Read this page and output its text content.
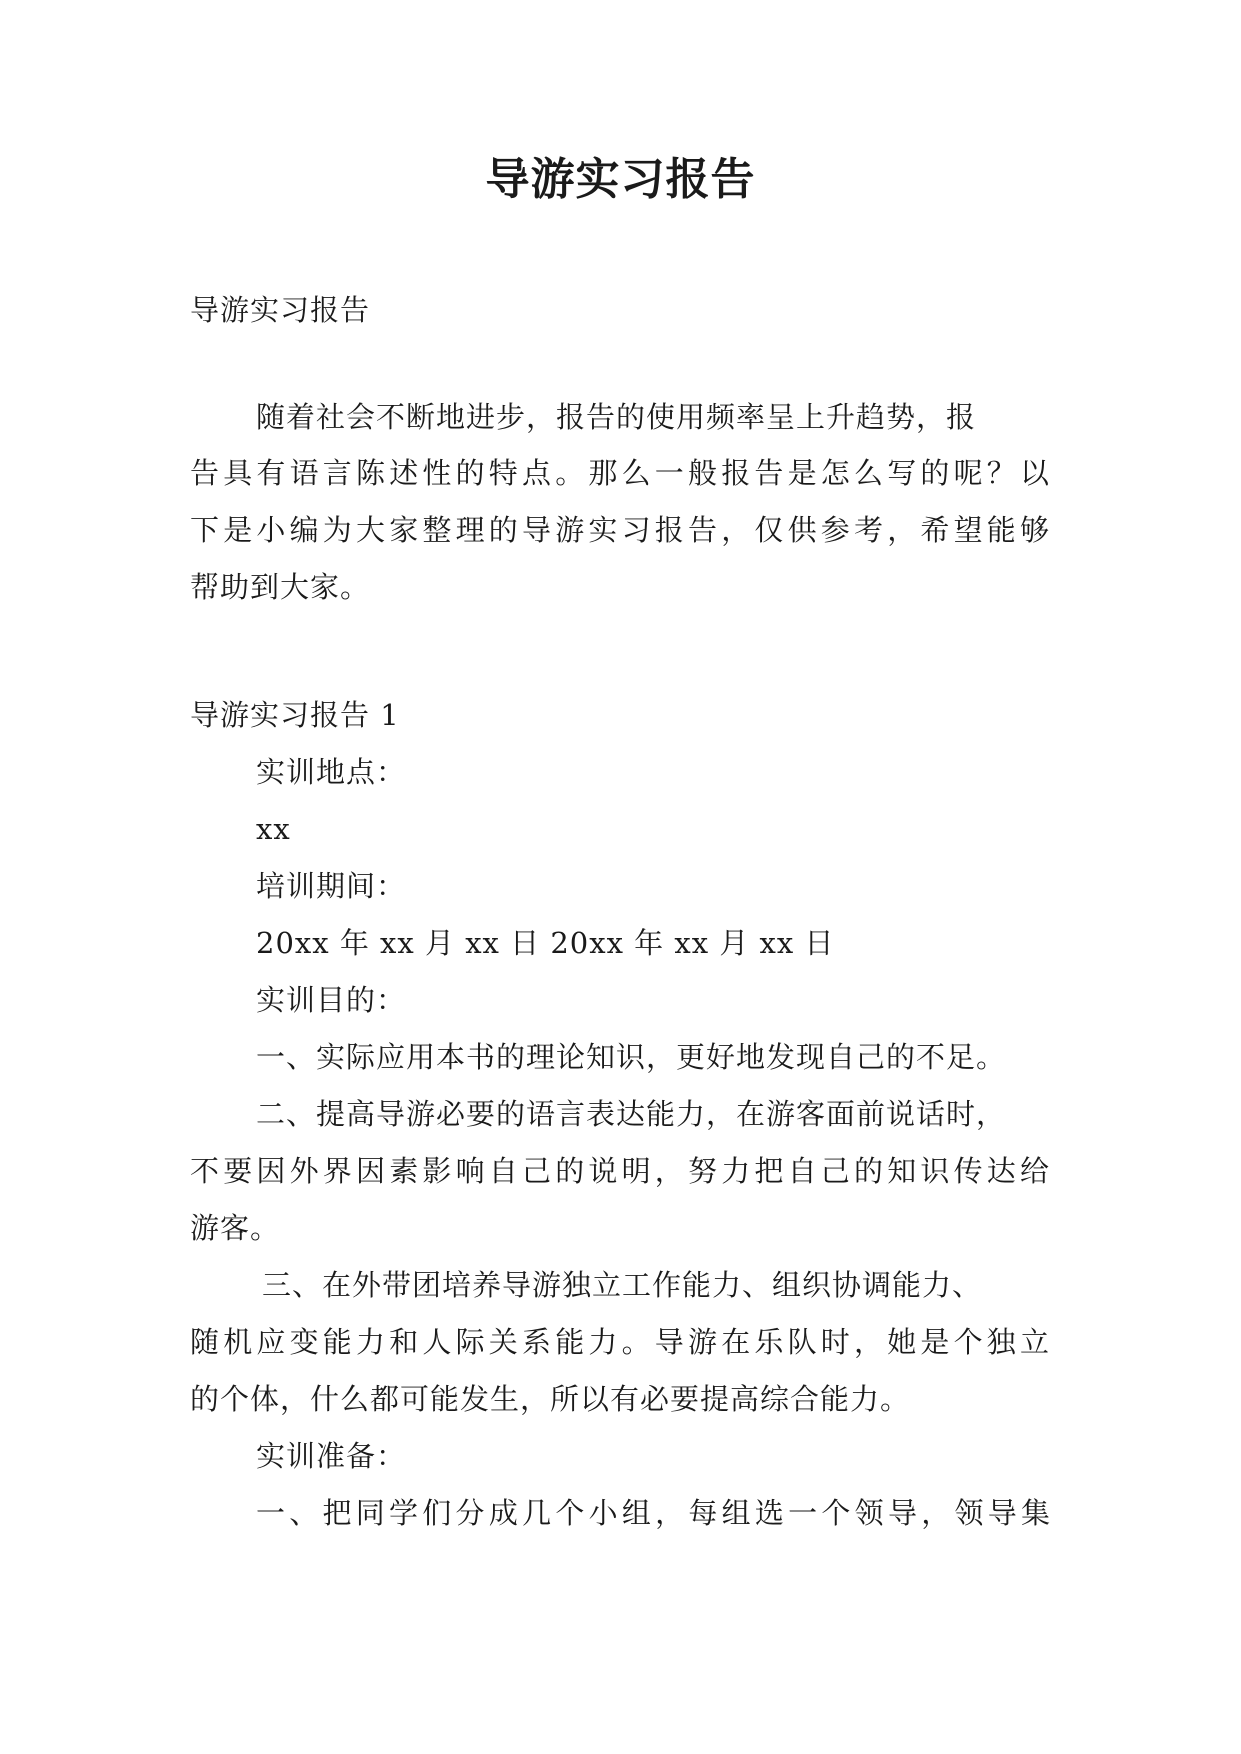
导游实习报告
导游实习报告
随着社会不断地进步，报告的使用频率呈上升趋势，报
告具有语言陈述性的特点。那么一般报告是怎么写的呢？以
下是小编为大家整理的导游实习报告，仅供参考，希望能够
帮助到大家。
导游实习报告 1
实训地点：
xx
培训期间：
20xx 年 xx 月 xx 日 20xx 年 xx 月 xx 日
实训目的：
一、实际应用本书的理论知识，更好地发现自己的不足。
二、提高导游必要的语言表达能力，在游客面前说话时，
不要因外界因素影响自己的说明，努力把自己的知识传达给
游客。
三、在外带团培养导游独立工作能力、组织协调能力、
随机应变能力和人际关系能力。导游在乐队时，她是个独立
的个体，什么都可能发生，所以有必要提高综合能力。
实训准备：
一、把同学们分成几个小组，每组选一个领导，领导集
